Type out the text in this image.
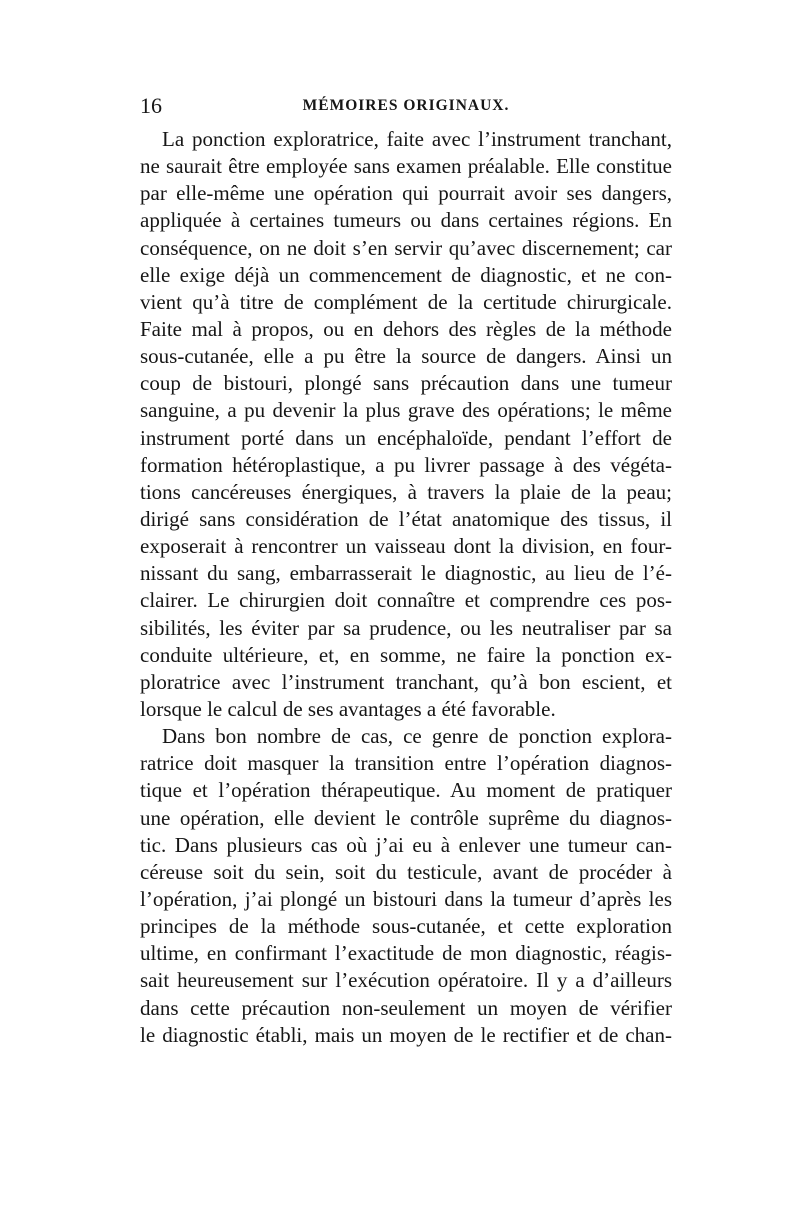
16	MÉMOIRES ORIGINAUX.
La ponction exploratrice, faite avec l’instrument tranchant,
ne saurait être employée sans examen préalable. Elle constitue
par elle-même une opération qui pourrait avoir ses dangers,
appliquée à certaines tumeurs ou dans certaines régions. En
conséquence, on ne doit s’en servir qu’avec discernement; car
elle exige déjà un commencement de diagnostic, et ne con-
vient qu’à titre de complément de la certitude chirurgicale.
Faite mal à propos, ou en dehors des règles de la méthode
sous-cutanée, elle a pu être la source de dangers. Ainsi un
coup de bistouri, plongé sans précaution dans une tumeur
sanguine, a pu devenir la plus grave des opérations; le même
instrument porté dans un encéphaloïde, pendant l’effort de
formation hétéroplastique, a pu livrer passage à des végéta-
tions cancéreuses énergiques, à travers la plaie de la peau;
dirigé sans considération de l’état anatomique des tissus, il
exposerait à rencontrer un vaisseau dont la division, en four-
nissant du sang, embarrasserait le diagnostic, au lieu de l’é-
clairer. Le chirurgien doit connaître et comprendre ces pos-
sibilités, les éviter par sa prudence, ou les neutraliser par sa
conduite ultérieure, et, en somme, ne faire la ponction ex-
ploratrice avec l’instrument tranchant, qu’à bon escient, et
lorsque le calcul de ses avantages a été favorable.
Dans bon nombre de cas, ce genre de ponction explora-
ratrice doit masquer la transition entre l’opération diagnos-
tique et l’opération thérapeutique. Au moment de pratiquer
une opération, elle devient le contrôle suprême du diagnos-
tic. Dans plusieurs cas où j’ai eu à enlever une tumeur can-
céreuse soit du sein, soit du testicule, avant de procéder à
l’opération, j’ai plongé un bistouri dans la tumeur d’après les
principes de la méthode sous-cutanée, et cette exploration
ultime, en confirmant l’exactitude de mon diagnostic, réagis-
sait heureusement sur l’exécution opératoire. Il y a d’ailleurs
dans cette précaution non-seulement un moyen de vérifier
le diagnostic établi, mais un moyen de le rectifier et de chan-
